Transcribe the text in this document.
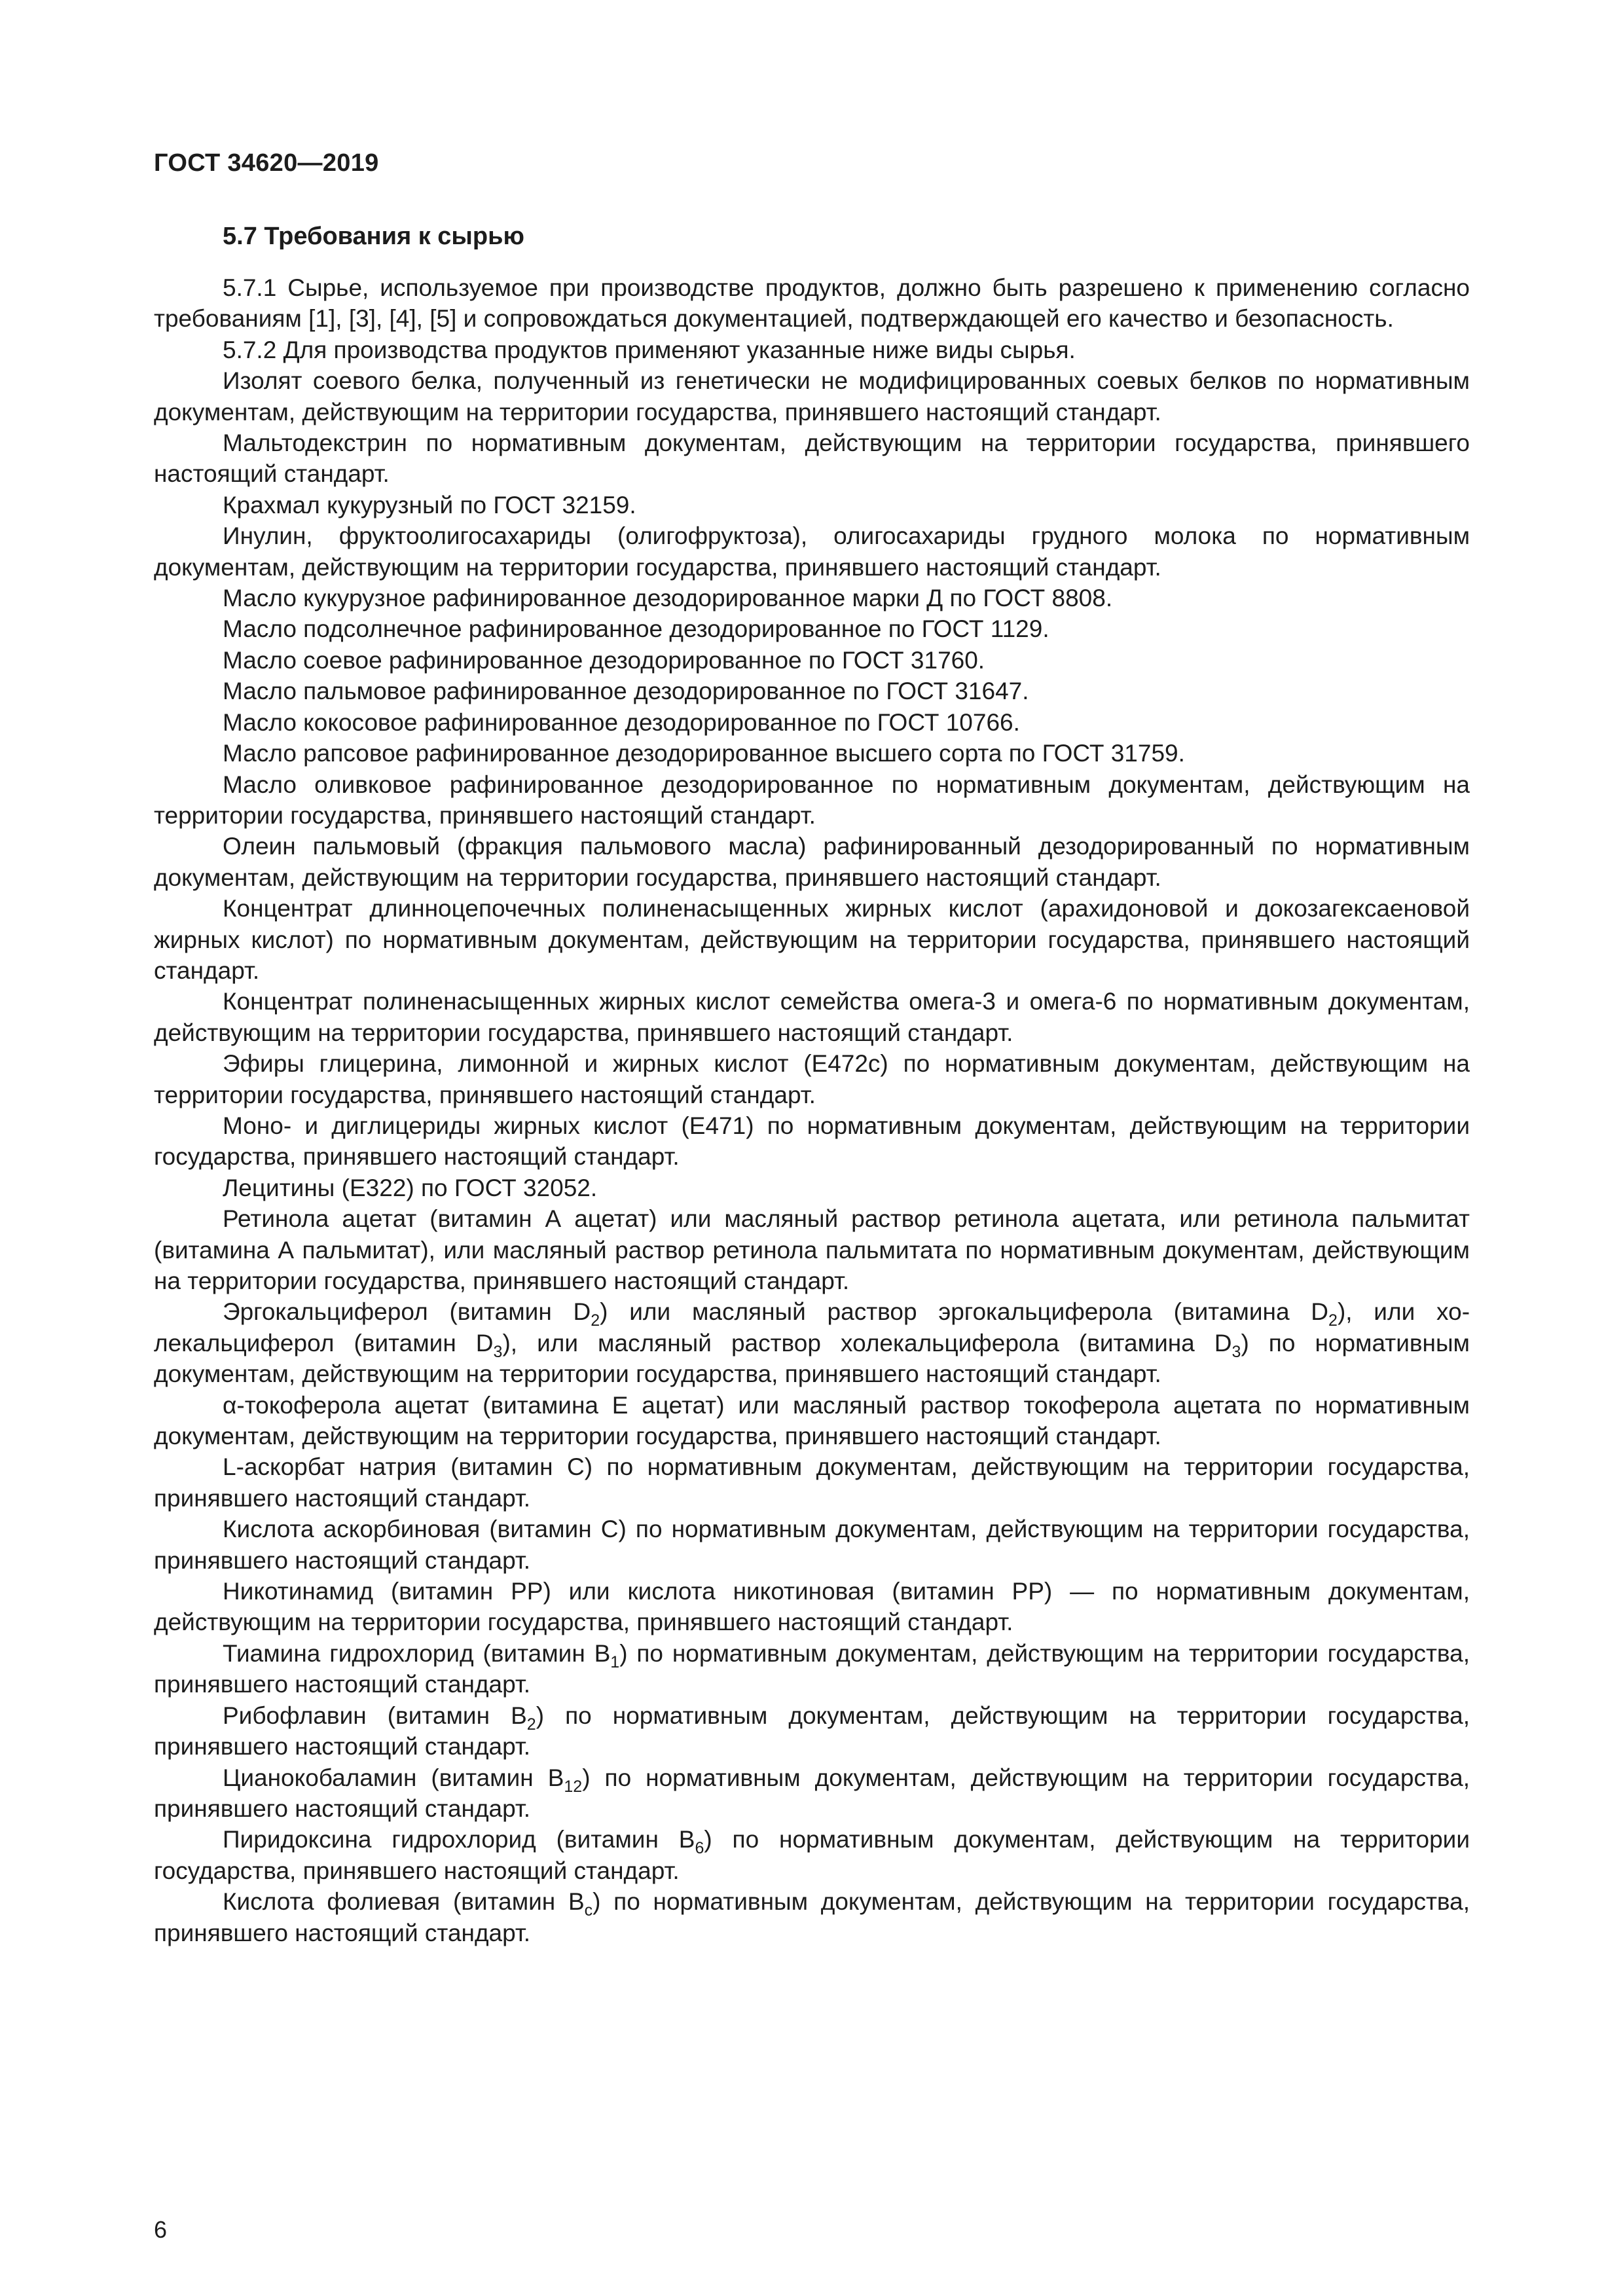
ГОСТ 34620—2019
5.7 Требования к сырью

5.7.1 Сырье, используемое при производстве продуктов, должно быть разрешено к применению согласно требованиям [1], [3], [4], [5] и сопровождаться документацией, подтверждающей его качество и безопасность.

5.7.2 Для производства продуктов применяют указанные ниже виды сырья.

Изолят соевого белка, полученный из генетически не модифицированных соевых белков по нормативным документам, действующим на территории государства, принявшего настоящий стандарт.

Мальтодекстрин по нормативным документам, действующим на территории государства, принявшего настоящий стандарт.

Крахмал кукурузный по ГОСТ 32159.

Инулин, фруктоолигосахариды (олигофруктоза), олигосахариды грудного молока по нормативным документам, действующим на территории государства, принявшего настоящий стандарт.

Масло кукурузное рафинированное дезодорированное марки Д по ГОСТ 8808.

Масло подсолнечное рафинированное дезодорированное по ГОСТ 1129.

Масло соевое рафинированное дезодорированное по ГОСТ 31760.

Масло пальмовое рафинированное дезодорированное по ГОСТ 31647.

Масло кокосовое рафинированное дезодорированное по ГОСТ 10766.

Масло рапсовое рафинированное дезодорированное высшего сорта по ГОСТ 31759.

Масло оливковое рафинированное дезодорированное по нормативным документам, действующим на территории государства, принявшего настоящий стандарт.

Олеин пальмовый (фракция пальмового масла) рафинированный дезодорированный по нормативным документам, действующим на территории государства, принявшего настоящий стандарт.

Концентрат длинноцепочечных полиненасыщенных жирных кислот (арахидоновой и докозагексаеновой жирных кислот) по нормативным документам, действующим на территории государства, принявшего настоящий стандарт.

Концентрат полиненасыщенных жирных кислот семейства омега-3 и омега-6 по нормативным документам, действующим на территории государства, принявшего настоящий стандарт.

Эфиры глицерина, лимонной и жирных кислот (Е472с) по нормативным документам, действующим на территории государства, принявшего настоящий стандарт.

Моно- и диглицериды жирных кислот (Е471) по нормативным документам, действующим на территории государства, принявшего настоящий стандарт.

Лецитины (Е322) по ГОСТ 32052.

Ретинола ацетат (витамин А ацетат) или масляный раствор ретинола ацетата, или ретинола пальмитат (витамина А пальмитат), или масляный раствор ретинола пальмитата по нормативным документам, действующим на территории государства, принявшего настоящий стандарт.

Эргокальциферол (витамин $D_2$) или масляный раствор эргокальциферола (витамина $D_2$), или холекальциферол (витамин $D_3$), или масляный раствор холекальциферола (витамина $D_3$) по нормативным документам, действующим на территории государства, принявшего настоящий стандарт.

α-токоферола ацетат (витамина Е ацетат) или масляный раствор токоферола ацетата по нормативным документам, действующим на территории государства, принявшего настоящий стандарт.

L-аскорбат натрия (витамин С) по нормативным документам, действующим на территории государства, принявшего настоящий стандарт.

Кислота аскорбиновая (витамин С) по нормативным документам, действующим на территории государства, принявшего настоящий стандарт.

Никотинамид (витамин РР) или кислота никотиновая (витамин РР) — по нормативным документам, действующим на территории государства, принявшего настоящий стандарт.

Тиамина гидрохлорид (витамин $В_1$) по нормативным документам, действующим на территории государства, принявшего настоящий стандарт.

Рибофлавин (витамин $В_2$) по нормативным документам, действующим на территории государства, принявшего настоящий стандарт.

Цианокобаламин (витамин $В_{12}$) по нормативным документам, действующим на территории государства, принявшего настоящий стандарт.

Пиридоксина гидрохлорид (витамин $В_6$) по нормативным документам, действующим на территории государства, принявшего настоящий стандарт.

Кислота фолиевая (витамин $В_c$) по нормативным документам, действующим на территории государства, принявшего настоящий стандарт.

6
